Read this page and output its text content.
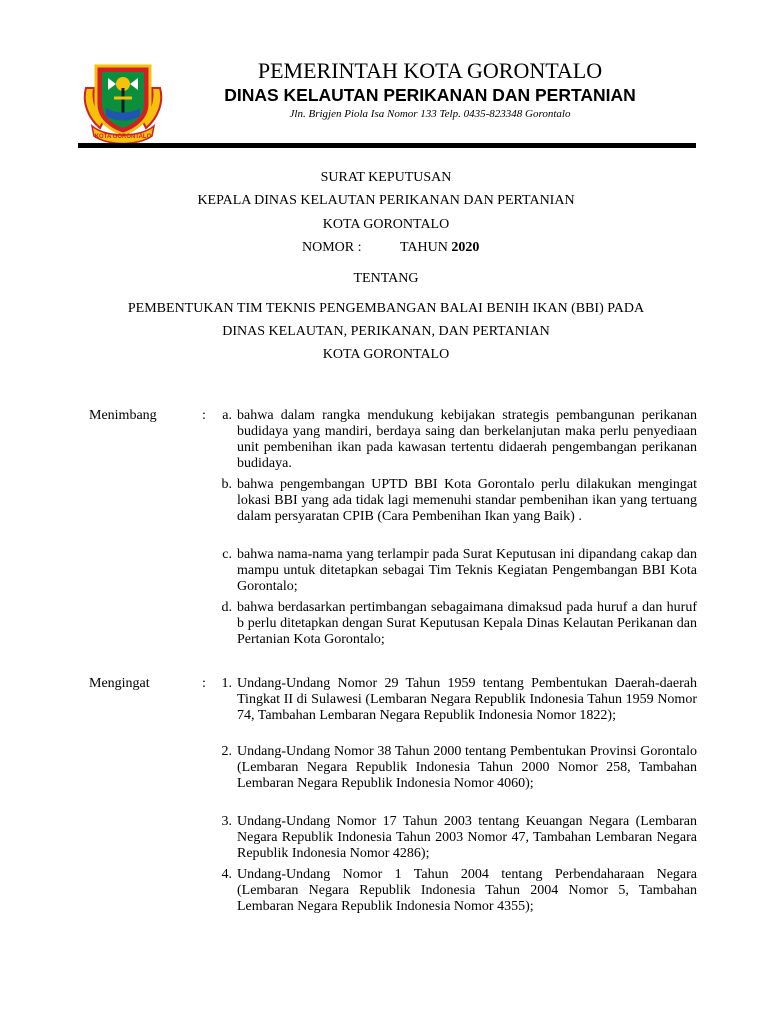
KOTA GORONTALO
PEMERINTAH KOTA GORONTALO
DINAS KELAUTAN PERIKANAN DAN PERTANIAN
Jln. Brigjen Piola Isa Nomor 133 Telp. 0435-823348 Gorontalo
SURAT KEPUTUSAN
KEPALA DINAS KELAUTAN PERIKANAN DAN PERTANIAN
KOTA GORONTALO
NOMOR :	TAHUN 2020
TENTANG
PEMBENTUKAN TIM TEKNIS PENGEMBANGAN BALAI BENIH IKAN (BBI) PADA
DINAS KELAUTAN, PERIKANAN, DAN PERTANIAN
KOTA GORONTALO
Menimbang	:	a. bahwa dalam rangka mendukung kebijakan strategis pembangunan perikanan budidaya yang mandiri, berdaya saing dan berkelanjutan maka perlu penyediaan unit pembenihan ikan pada kawasan tertentu didaerah pengembangan perikanan budidaya.
b. bahwa pengembangan UPTD BBI Kota Gorontalo perlu dilakukan mengingat lokasi BBI yang ada tidak lagi memenuhi standar pembenihan ikan yang tertuang dalam persyaratan CPIB (Cara Pembenihan Ikan yang Baik) .
c. bahwa nama-nama yang terlampir pada Surat Keputusan ini dipandang cakap dan mampu untuk ditetapkan sebagai Tim Teknis Kegiatan Pengembangan BBI Kota Gorontalo;
d. bahwa berdasarkan pertimbangan sebagaimana dimaksud pada huruf a dan huruf b perlu ditetapkan dengan Surat Keputusan Kepala Dinas Kelautan Perikanan dan Pertanian Kota Gorontalo;
Mengingat	:	1. Undang-Undang Nomor 29 Tahun 1959 tentang Pembentukan Daerah-daerah Tingkat II di Sulawesi (Lembaran Negara Republik Indonesia Tahun 1959 Nomor 74, Tambahan Lembaran Negara Republik Indonesia Nomor 1822);
2. Undang-Undang Nomor 38 Tahun 2000 tentang Pembentukan Provinsi Gorontalo (Lembaran Negara Republik Indonesia Tahun 2000 Nomor 258, Tambahan Lembaran Negara Republik Indonesia Nomor 4060);
3. Undang-Undang Nomor 17 Tahun 2003 tentang Keuangan Negara (Lembaran Negara Republik Indonesia Tahun 2003 Nomor 47, Tambahan Lembaran Negara Republik Indonesia Nomor 4286);
4. Undang-Undang Nomor 1 Tahun 2004 tentang Perbendaharaan Negara (Lembaran Negara Republik Indonesia Tahun 2004 Nomor 5, Tambahan Lembaran Negara Republik Indonesia Nomor 4355);
